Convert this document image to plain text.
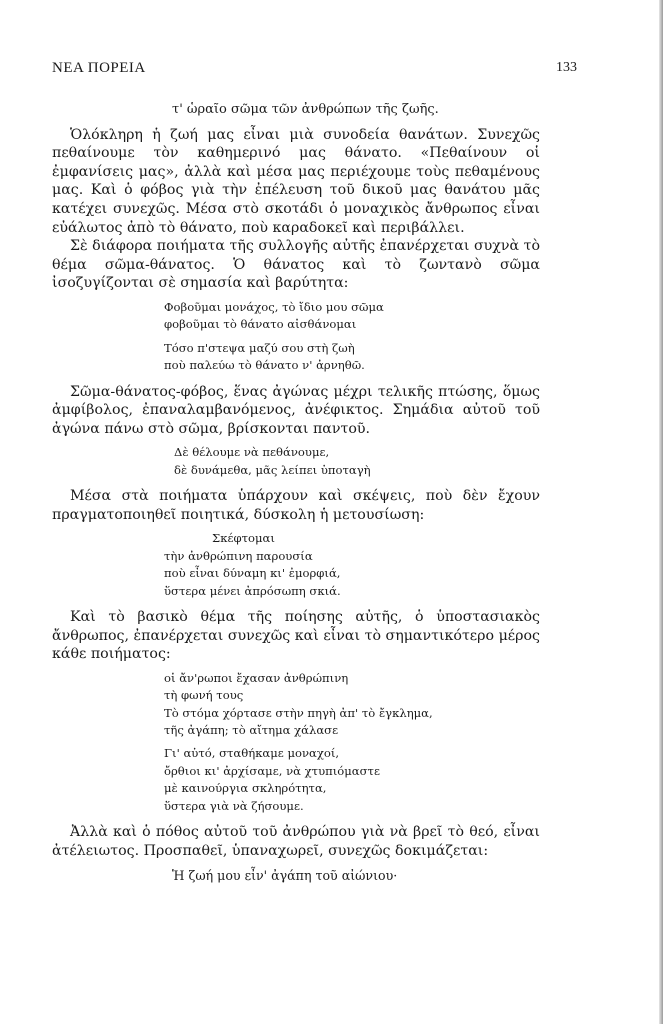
ΝΕΑ ΠΟΡΕΙΑ	133

τ' ὡραῖο σῶμα τῶν ἀνθρώπων τῆς ζωῆς.

Ὁλόκληρη ἡ ζωή μας εἶναι μιὰ συνοδεία θανάτων. Συνεχῶς πεθαίνουμε τὸν καθημερινό μας θάνατο. «Πεθαίνουν οἱ ἐμφανίσεις μας», ἀλλὰ καὶ μέσα μας περιέχουμε τοὺς πεθαμένους μας. Καὶ ὁ φόβος γιὰ τὴν ἐπέλευση τοῦ δικοῦ μας θανάτου μᾶς κατέχει συνεχῶς. Μέσα στὸ σκοτάδι ὁ μοναχικὸς ἄνθρωπος εἶναι εὐάλωτος ἀπὸ τὸ θάνατο, ποὺ καραδοκεῖ καὶ περιβάλλει.

Σὲ διάφορα ποιήματα τῆς συλλογῆς αὐτῆς ἐπανέρχεται συχνὰ τὸ θέμα σῶμα-θάνατος. Ὁ θάνατος καὶ τὸ ζωντανὸ σῶμα ἰσοζυγίζονται σὲ σημασία καὶ βαρύτητα:

Φοβοῦμαι μονάχος, τὸ ἴδιο μου σῶμα
φοβοῦμαι τὸ θάνατο αἰσθάνομαι
Τόσο π'στεψα μαζύ σου στὴ ζωὴ
ποὺ παλεύω τὸ θάνατο ν' ἀρνηθῶ.

Σῶμα-θάνατος-φόβος, ἕνας ἀγώνας μέχρι τελικῆς πτώσης, ὅμως ἀμφίβολος, ἐπαναλαμβανόμενος, ἀνέφικτος. Σημάδια αὐτοῦ τοῦ ἀγώνα πάνω στὸ σῶμα, βρίσκονται παντοῦ.

Δὲ θέλουμε νὰ πεθάνουμε,
δὲ δυνάμεθα, μᾶς λείπει ὑποταγὴ

Μέσα στὰ ποιήματα ὑπάρχουν καὶ σκέψεις, ποὺ δὲν ἔχουν πραγματοποιηθεῖ ποιητικά, δύσκολη ἡ μετουσίωση:

Σκέφτομαι
τὴν ἀνθρώπινη παρουσία
ποὺ εἶναι δύναμη κι' ἐμορφιά,
ὕστερα μένει ἀπρόσωπη σκιά.

Καὶ τὸ βασικὸ θέμα τῆς ποίησης αὐτῆς, ὁ ὑποστασιακὸς ἄνθρωπος, ἐπανέρχεται συνεχῶς καὶ εἶναι τὸ σημαντικότερο μέρος κάθε ποιήματος:

οἱ ἄν'ρωποι ἔχασαν ἀνθρώπινη
τὴ φωνή τους
Τὸ στόμα χόρτασε στὴν πηγὴ ἀπ' τὸ ἔγκλημα,
τῆς ἀγάπη; τὸ αἴτημα χάλασε
Γι' αὐτό, σταθήκαμε μοναχοί,
ὄρθιοι κι' ἀρχίσαμε, νὰ χτυπιόμαστε
μὲ καινούργια σκληρότητα,
ὕστερα γιὰ νὰ ζήσουμε.

Ἀλλὰ καὶ ὁ πόθος αὐτοῦ τοῦ ἀνθρώπου γιὰ νὰ βρεῖ τὸ θεό, εἶναι ἀτέλειωτος. Προσπαθεῖ, ὑπαναχωρεῖ, συνεχῶς δοκιμάζεται:

Ἡ ζωή μου εἶν' ἀγάπη τοῦ αἰώνιου·
